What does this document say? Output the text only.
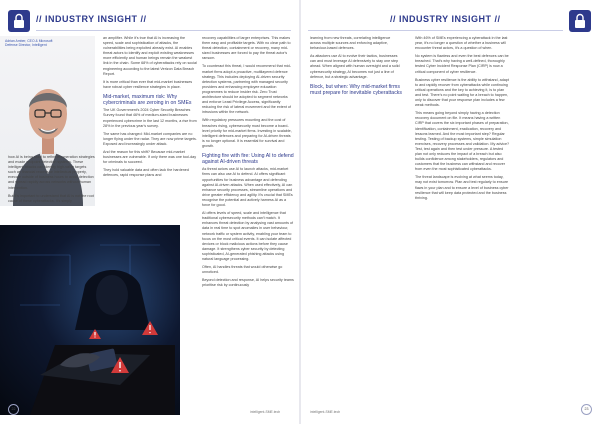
// INDUSTRY INSIGHT //	// INDUSTRY INSIGHT //
Adrian Amber, CEO & Microsoft
Defense Director, Intelligent

how AI is being used to refine enumeration strategies and evade endpoint detection systems. These intelligent attacks can identify high-value targets such as financial records or intellectual property, execute outside of business hours to avoid detection and spread rapidly across networks without human intervention.

But it's important to understand that AI is not the root cause of these cyberattacks. It's simply

an amplifier. While it's true that AI is increasing the speed, scale and sophistication of attacks, the vulnerabilities being exploited already exist. AI enables threat actors to identify and exploit existing weaknesses more efficiently and human beings remain the weakest link in the chain. Some 68% of cyberattacks rely on social engineering according to the latest Verizon Data Breach Report.

It is more critical than ever that mid-market businesses have robust cyber resilience strategies in place.

Mid-market, maximum risk: Why cybercriminals are zeroing in on SMEs

The UK Government's 2024 Cyber Security Breaches Survey found that 46% of medium-sized businesses experienced cybercrime in the last 12 months, a rise from 28% in the previous year's survey.

The same has changed: Mid-market companies are no longer flying under the radar. They are now prime targets. Exposed and increasingly under attack.

And the reason for this shift? Because mid-market businesses are vulnerable. If only there was one tool-day for criminals to succeed.

They hold valuable data and often lack the hardened defences, rapid response plans and

recovery capabilities of larger enterprises. This makes them easy and profitable targets. With no clear path to threat detection, containment or recovery, many mid-sized businesses are forced to pay the threat actor's ransom.

To counteract this threat, I would recommend that mid-market firms adopt a proactive, multilayered defence strategy. This includes deploying AI-driven security detection systems, partnering with managed security providers and enhancing employee education programmes to reduce insider risk. Zero Trust architecture should be adopted to segment networks and enforce Least Privilege Access, significantly reducing the risk of lateral movement and the extent of intrusions within the network.

With regulatory pressures mounting and the cost of breaches rising, cybersecurity must become a board-level priority for mid-market firms. Investing in scalable, intelligent defences and preparing for AI-driven threats is no longer optional. It is essential for survival and growth.

Fighting fire with fire: Using AI to defend against AI-driven threats

As threat actors use AI to launch attacks, mid-market firms can also use AI to defend. AI offers significant opportunities for business advantage and defending against AI-driven attacks. When used effectively, AI can enhance security processes, streamline operations and drive greater efficiency and agility. It's crucial that SMEs recognise the potential and actively harness AI as a force for good.

AI offers levels of speed, scale and intelligence that traditional cybersecurity methods can't match. It enhances threat detection by analysing vast amounts of data in real time to spot anomalies in user behaviour, network traffic or system activity, enabling your team to focus on the most critical events. It can isolate affected devices or block malicious actions before they cause damage. It strengthens cyber security by detecting sophisticated, AI-generated phishing attacks using natural language processing.

Often, AI handles threats that would otherwise go unnoticed.

Beyond detection and response, AI helps security teams prioritise risk by continuously

learning from new threats, correlating intelligence across multiple sources and enforcing adaptive, behaviour-based defences.

As attackers use AI to evolve their tactics, businesses can and must leverage AI defensively to stay one step ahead. When aligned with human oversight and a solid cybersecurity strategy, AI becomes not just a line of defence, but a strategic advantage.

Block, but when: Why mid-market firms must prepare for inevitable cyberattacks

With 46% of SMEs experiencing a cyberattack in the last year, it's no longer a question of whether a business will encounter threat actors, it's a question of when.

No system is flawless and even the best defences can be breached. That's why having a well-defined, thoroughly tested Cyber Incident Response Plan (CIRP) is now a critical component of cyber resilience.

Business cyber resilience is the ability to withstand, adapt to and rapidly recover from cyberattacks while continuing critical operations and the key to achieving it, is to plan and test. There's no point waiting for a breach to happen, only to discover that your response plan includes a few weak methods.

This means going beyond simply having a detection recovery document on file. It means having a written CIRP that covers the six important phases of preparation, identification, containment, eradication, recovery and lessons learned. And the most important step? Regular testing. Testing of backup systems, simple simulation exercises, recovery processes and validation. My advice? Test, test again and then test under pressure. A tested plan not only reduces the impact of a breach but also builds confidence among stakeholders, regulators and customers that the business can withstand and recover from even the most sophisticated cyberattacks.

The threat landscape is evolving at what seems today, may not exist tomorrow. Plan and test regularly to ensure flaws in your plan and to ensure a level of business cyber resilience that will keep data protected and the business thriving.

22
intelligent-SME.tech	intelligent-SME.tech
23
